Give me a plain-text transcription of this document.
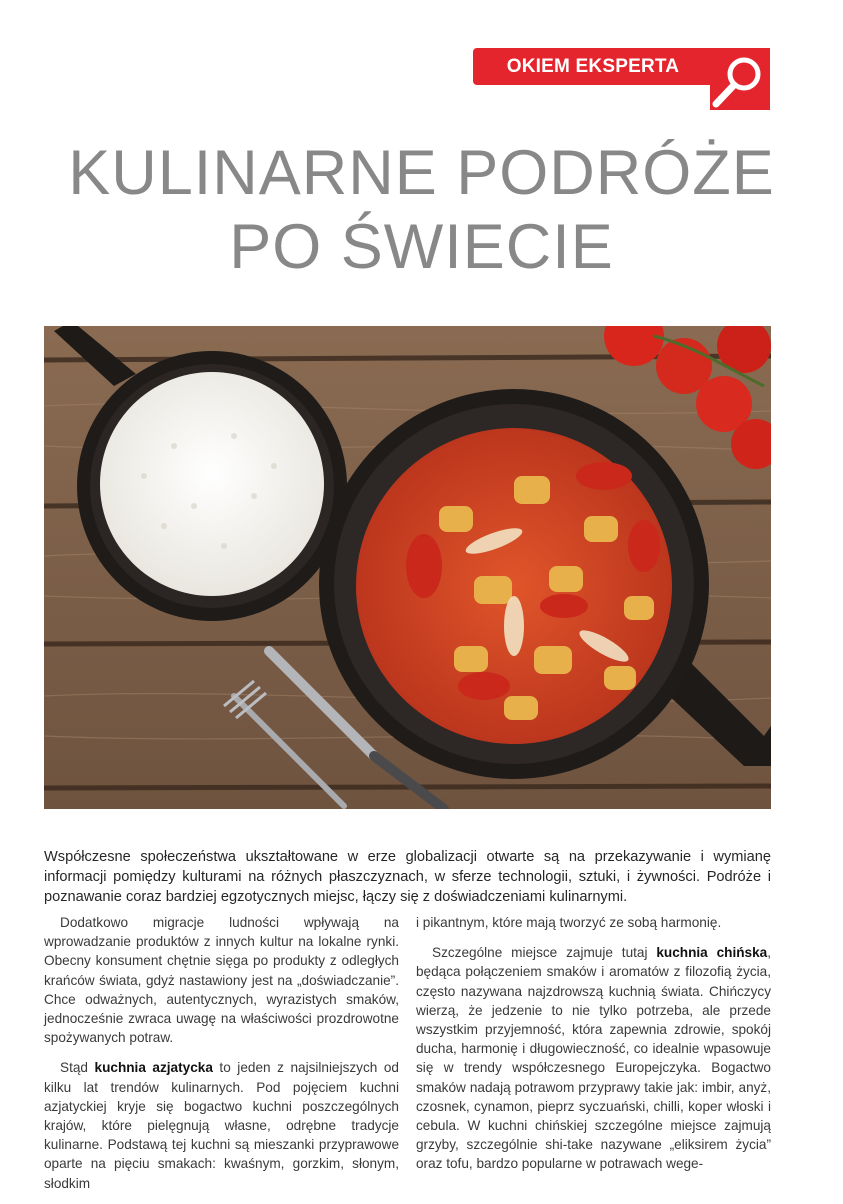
OKIEM EKSPERTA
KULINARNE PODRÓŻE
PO ŚWIECIE

Współczesne społeczeństwa ukształtowane w erze globalizacji otwarte są na przekazywanie i wymianę informacji pomiędzy kulturami na różnych płaszczyznach, w sferze technologii, sztuki, i żywności. Podróże i poznawanie coraz bardziej egzotycznych miejsc, łączy się z doświadczeniami kulinarnymi.

Dodatkowo migracje ludności wpływają na wprowadzanie produktów z innych kultur na lokalne rynki. Obecny konsument chętnie sięga po produkty z odległych krańców świata, gdyż nastawiony jest na „doświadczanie”. Chce odważnych, autentycznych, wyrazistych smaków, jednocześnie zwraca uwagę na właściwości prozdrowotne spożywanych potraw.

Stąd kuchnia azjatycka to jeden z najsilniejszych od kilku lat trendów kulinarnych. Pod pojęciem kuchni azjatyckiej kryje się bogactwo kuchni poszczególnych krajów, które pielęgnują własne, odrębne tradycje kulinarne. Podstawą tej kuchni są mieszanki przyprawowe oparte na pięciu smakach: kwaśnym, gorzkim, słonym, słodkim

i pikantnym, które mają tworzyć ze sobą harmonię.

Szczególne miejsce zajmuje tutaj kuchnia chińska, będąca połączeniem smaków i aromatów z filozofią życia, często nazywana najzdrowszą kuchnią świata. Chińczycy wierzą, że jedzenie to nie tylko potrzeba, ale przede wszystkim przyjemność, która zapewnia zdrowie, spokój ducha, harmonię i długowieczność, co idealnie wpasowuje się w trendy współczesnego Europejczyka. Bogactwo smaków nadają potrawom przyprawy takie jak: imbir, anyż, czosnek, cynamon, pieprz syczuański, chilli, koper włoski i cebula. W kuchni chińskiej szczególne miejsce zajmują grzyby, szczególnie shi-take nazywane „eliksirem życia” oraz tofu, bardzo popularne w potrawach wege-
